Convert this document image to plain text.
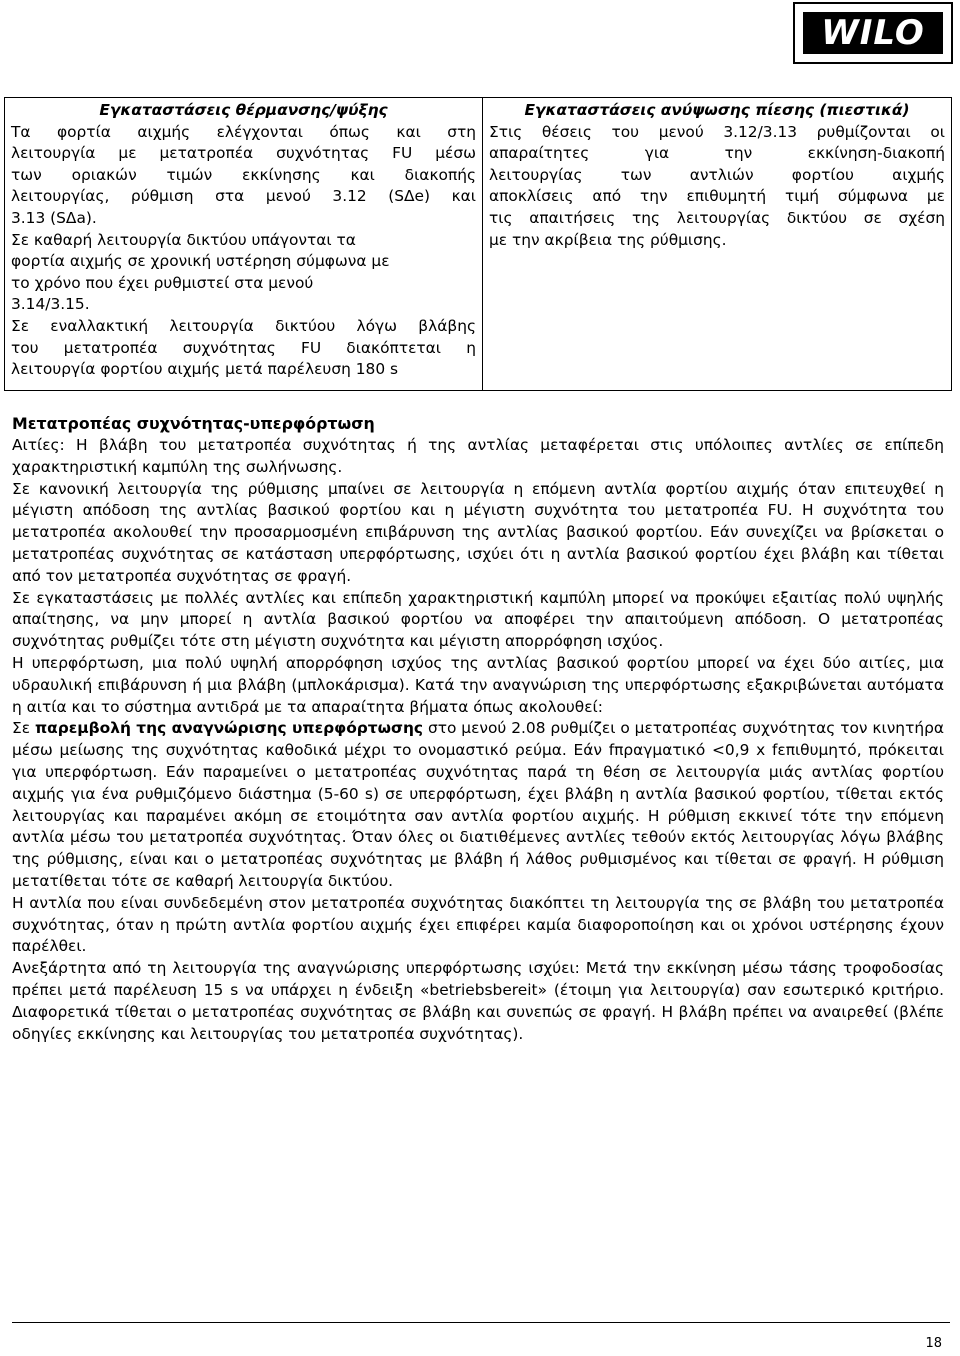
WILO
Εγκαταστάσεις θέρμανσης/ψύξης
Τα φορτία αιχμής ελέγχονται όπως και στη
λειτουργία με μετατροπέα συχνότητας FU μέσω
των οριακών τιμών εκκίνησης και διακοπής
λειτουργίας, ρύθμιση στα μενού 3.12 (SΔe) και
3.13 (SΔa).
Σε καθαρή λειτουργία δικτύου υπάγονται τα
φορτία αιχμής σε χρονική υστέρηση σύμφωνα με
το χρόνο που έχει ρυθμιστεί στα μενού
3.14/3.15.
Σε εναλλακτική λειτουργία δικτύου λόγω βλάβης
του μετατροπέα συχνότητας FU διακόπτεται η
λειτουργία φορτίου αιχμής μετά παρέλευση 180 s
Εγκαταστάσεις ανύψωσης πίεσης (πιεστικά)
Στις θέσεις του μενού 3.12/3.13 ρυθμίζονται οι
απαραίτητες για την εκκίνηση-διακοπή
λειτουργίας των αντλιών φορτίου αιχμής
αποκλίσεις από την επιθυμητή τιμή σύμφωνα με
τις απαιτήσεις της λειτουργίας δικτύου σε σχέση
με την ακρίβεια της ρύθμισης.
Μετατροπέας συχνότητας-υπερφόρτωση

Αιτίες: Η βλάβη του μετατροπέα συχνότητας ή της αντλίας μεταφέρεται στις υπόλοιπες αντλίες σε επίπεδη χαρακτηριστική καμπύλη της σωλήνωσης.

Σε κανονική λειτουργία της ρύθμισης μπαίνει σε λειτουργία η επόμενη αντλία φορτίου αιχμής όταν επιτευχθεί η μέγιστη απόδοση της αντλίας βασικού φορτίου και η μέγιστη συχνότητα του μετατροπέα FU. Η συχνότητα του μετατροπέα ακολουθεί την προσαρμοσμένη επιβάρυνση της αντλίας βασικού φορτίου. Εάν συνεχίζει να βρίσκεται ο μετατροπέας συχνότητας σε κατάσταση υπερφόρτωσης, ισχύει ότι η αντλία βασικού φορτίου έχει βλάβη και τίθεται από τον μετατροπέα συχνότητας σε φραγή.

Σε εγκαταστάσεις με πολλές αντλίες και επίπεδη χαρακτηριστική καμπύλη μπορεί να προκύψει εξαιτίας πολύ υψηλής απαίτησης, να μην μπορεί η αντλία βασικού φορτίου να αποφέρει την απαιτούμενη απόδοση. Ο μετατροπέας συχνότητας ρυθμίζει τότε στη μέγιστη συχνότητα και μέγιστη απορρόφηση ισχύος.

Η υπερφόρτωση, μια πολύ υψηλή απορρόφηση ισχύος της αντλίας βασικού φορτίου μπορεί να έχει δύο αιτίες, μια υδραυλική επιβάρυνση ή μια βλάβη (μπλοκάρισμα). Κατά την αναγνώριση της υπερφόρτωσης εξακριβώνεται αυτόματα η αιτία και το σύστημα αντιδρά με τα απαραίτητα βήματα όπως ακολουθεί:

Σε παρεμβολή της αναγνώρισης υπερφόρτωσης στο μενού 2.08 ρυθμίζει ο μετατροπέας συχνότητας τον κινητήρα μέσω μείωσης της συχνότητας καθοδικά μέχρι το ονομαστικό ρεύμα. Εάν fπραγματικό <0,9 x fεπιθυμητό, πρόκειται για υπερφόρτωση. Εάν παραμείνει ο μετατροπέας συχνότητας παρά τη θέση σε λειτουργία μιάς αντλίας φορτίου αιχμής για ένα ρυθμιζόμενο διάστημα (5-60 s) σε υπερφόρτωση, έχει βλάβη η αντλία βασικού φορτίου, τίθεται εκτός λειτουργίας και παραμένει ακόμη σε ετοιμότητα σαν αντλία φορτίου αιχμής. Η ρύθμιση εκκινεί τότε την επόμενη αντλία μέσω του μετατροπέα συχνότητας. Όταν όλες οι διατιθέμενες αντλίες τεθούν εκτός λειτουργίας λόγω βλάβης της ρύθμισης, είναι και ο μετατροπέας συχνότητας με βλάβη ή λάθος ρυθμισμένος και τίθεται σε φραγή. Η ρύθμιση μετατίθεται τότε σε καθαρή λειτουργία δικτύου.

Η αντλία που είναι συνδεδεμένη στον μετατροπέα συχνότητας διακόπτει τη λειτουργία της σε βλάβη του μετατροπέα συχνότητας, όταν η πρώτη αντλία φορτίου αιχμής έχει επιφέρει καμία διαφοροποίηση και οι χρόνοι υστέρησης έχουν παρέλθει.

Ανεξάρτητα από τη λειτουργία της αναγνώρισης υπερφόρτωσης ισχύει: Μετά την εκκίνηση μέσω τάσης τροφοδοσίας πρέπει μετά παρέλευση 15 s να υπάρχει η ένδειξη «betriebsbereit» (έτοιμη για λειτουργία) σαν εσωτερικό κριτήριο. Διαφορετικά τίθεται ο μετατροπέας συχνότητας σε βλάβη και συνεπώς σε φραγή. Η βλάβη πρέπει να αναιρεθεί (βλέπε οδηγίες εκκίνησης και λειτουργίας του μετατροπέα συχνότητας).

18
